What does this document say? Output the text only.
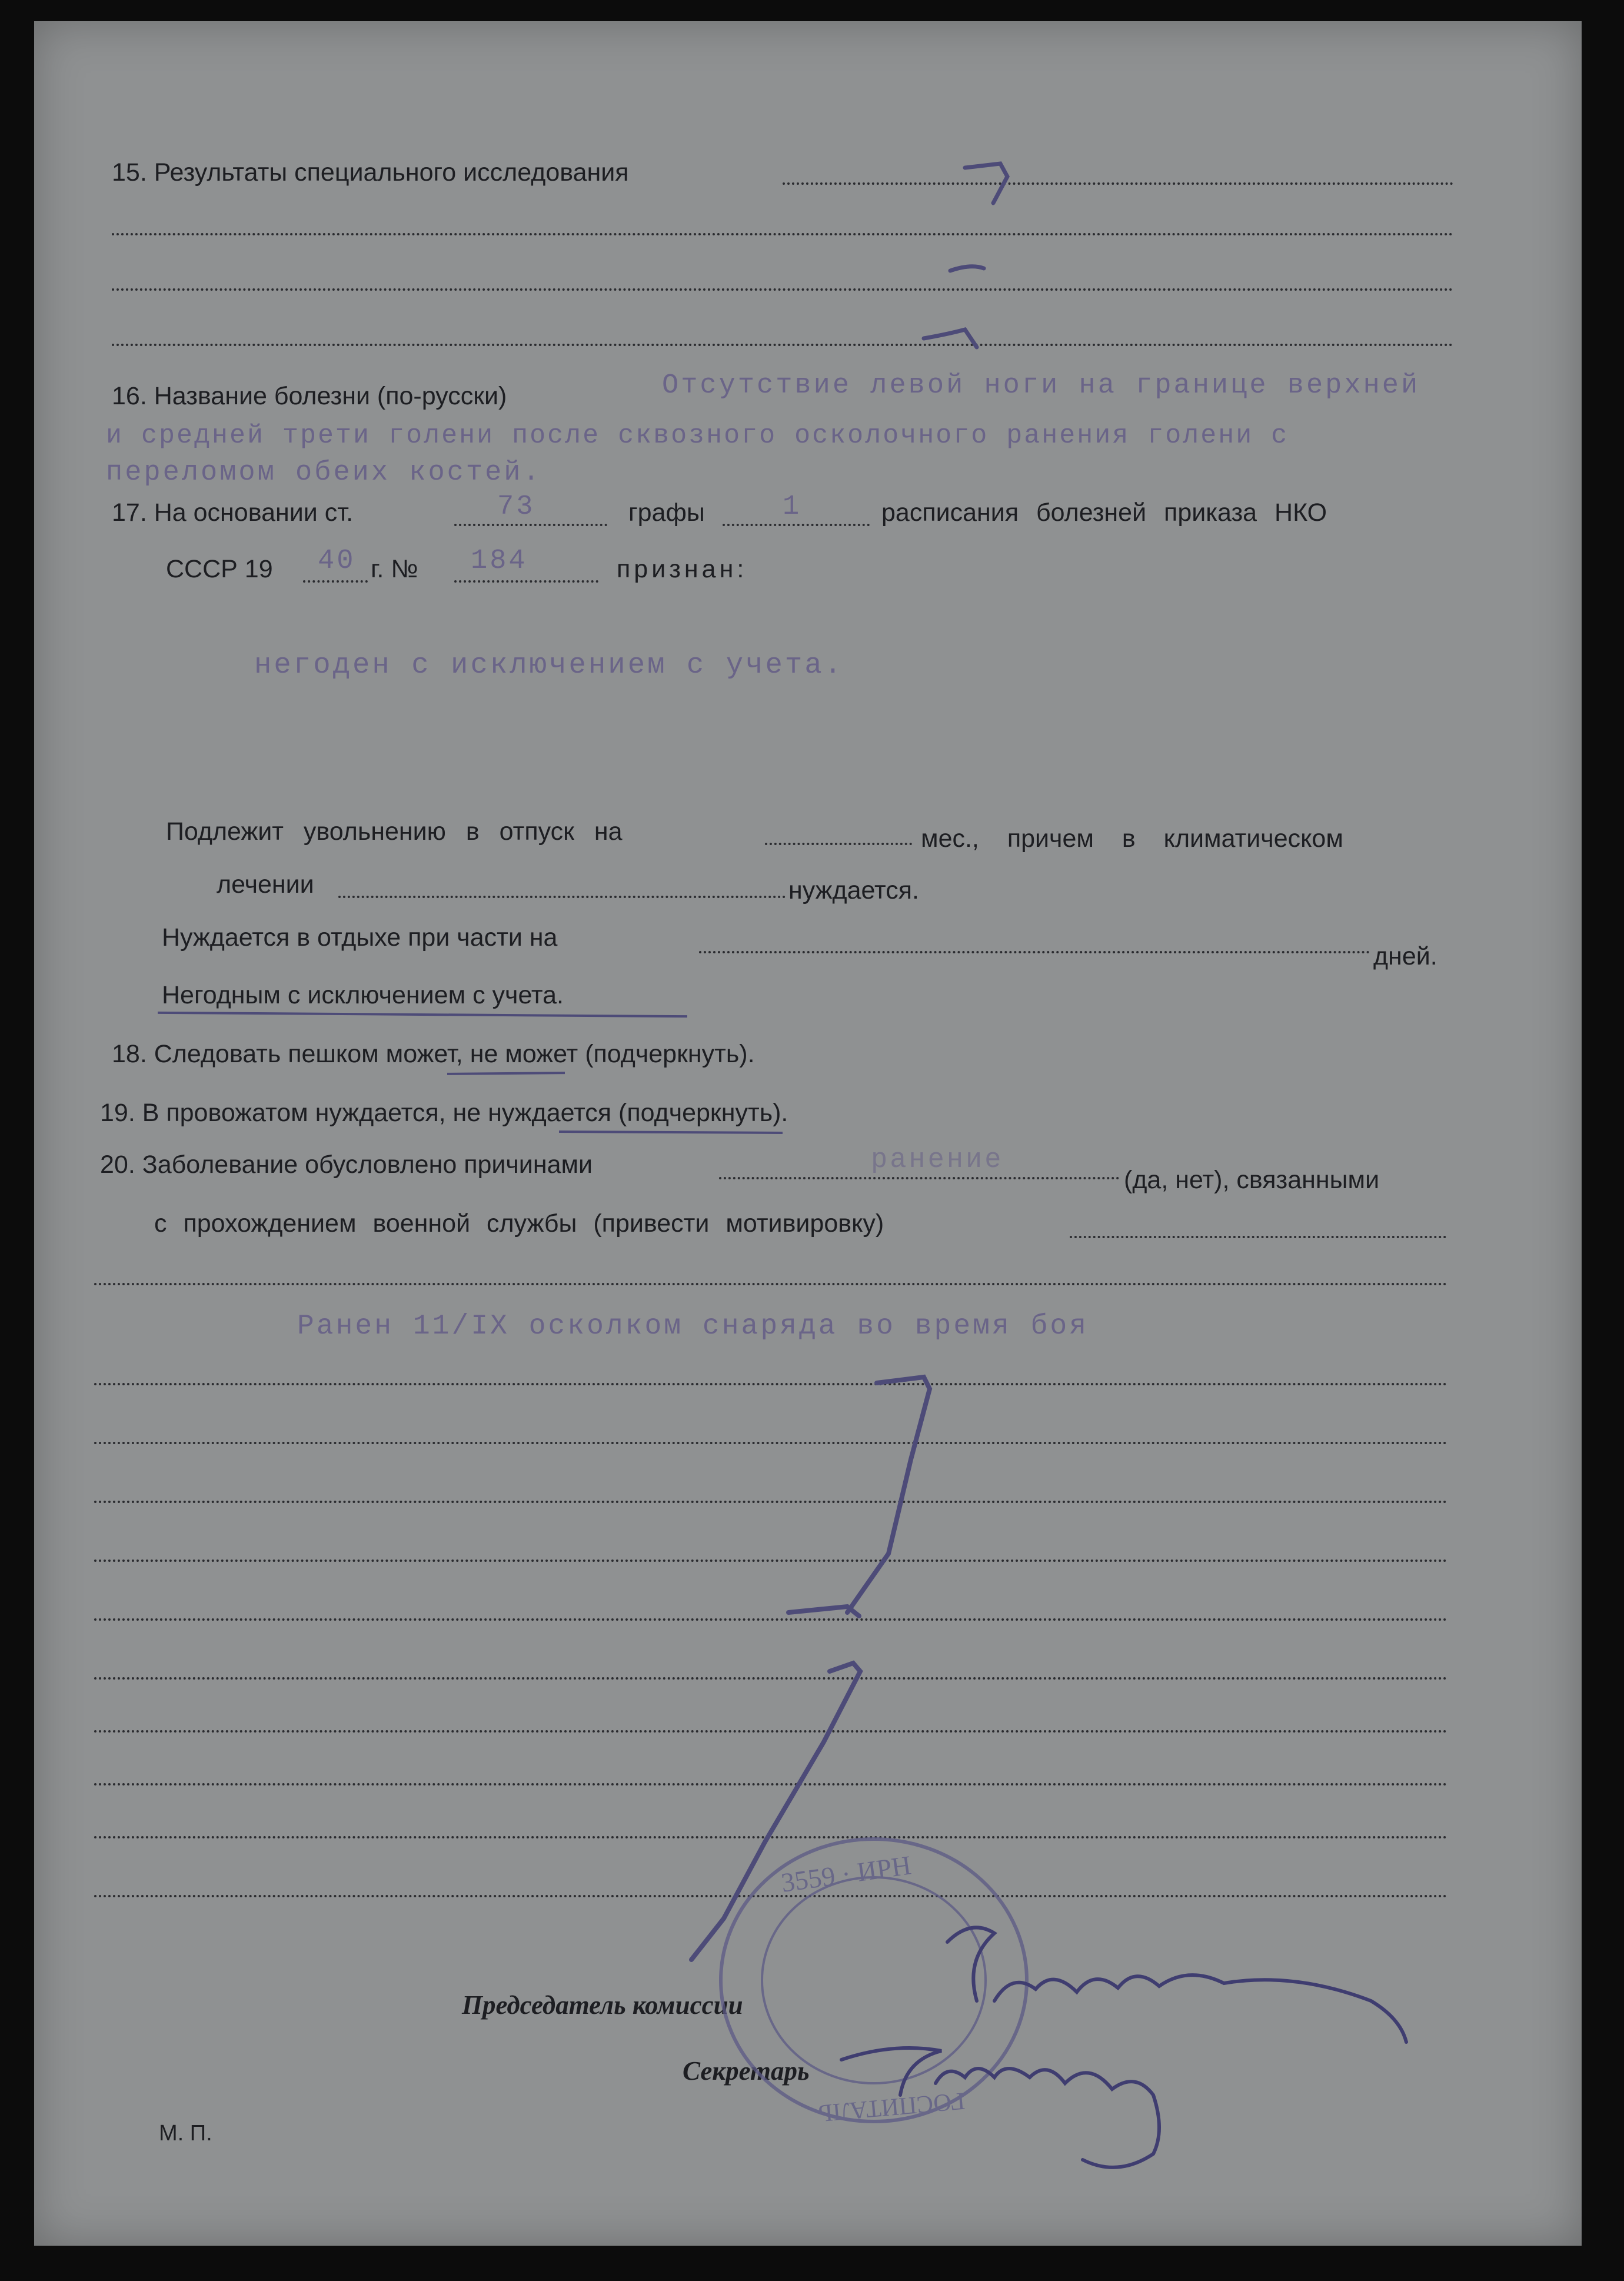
15. Результаты специального исследования
16. Название болезни (по-русски)	Отсутствие левой ноги на границе верхней
и средней трети голени после сквозного осколочного ранения голени с
переломом обеих костей.
17. На основании ст.	73	графы	1	расписания болезней приказа НКО
СССР 19 40 г. № 184	признан:
негоден с исключением с учета.
Подлежит увольнению в отпуск на	мес., причем в климатическом
лечении	нуждается.
Нуждается в отдыхе при части на
дней.
Негодным с исключением с учета.
18. Следовать пешком может, не может (подчеркнуть).
19. В провожатом нуждается, не нуждается (подчеркнуть).
20. Заболевание обусловлено причинами	ранение
(да, нет), связанными
с прохождением военной службы (привести мотивировку)
Ранен 11/IX осколком снаряда во время боя
Председатель комиссии
Секретарь
М. П.
3559 · ИРН
ГОСПИТАЛЬ
